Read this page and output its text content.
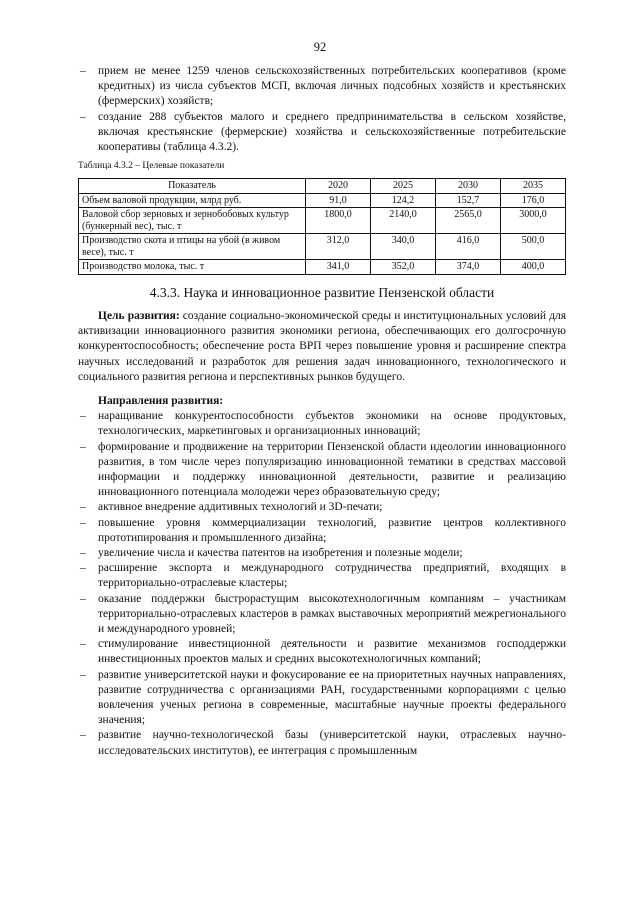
92
– прием не менее 1259 членов сельскохозяйственных потребительских кооперативов (кроме кредитных) из числа субъектов МСП, включая личных подсобных хозяйств и крестьянских (фермерских) хозяйств;
– создание 288 субъектов малого и среднего предпринимательства в сельском хозяйстве, включая крестьянские (фермерские) хозяйства и сельскохозяйственные потребительские кооперативы (таблица 4.3.2).
Таблица 4.3.2 – Целевые показатели
Показатель	2020	2025	2030	2035
Объем валовой продукции, млрд руб.	91,0	124,2	152,7	176,0
Валовой сбор зерновых и зернобобовых культур (бункерный вес), тыс. т	1800,0	2140,0	2565,0	3000,0
Производство скота и птицы на убой (в живом весе), тыс. т	312,0	340,0	416,0	500,0
Производство молока, тыс. т	341,0	352,0	374,0	400,0
4.3.3. Наука и инновационное развитие Пензенской области

Цель развития: создание социально-экономической среды и институциональных условий для активизации инновационного развития экономики региона, обеспечивающих его долгосрочную конкурентоспособность; обеспечение роста ВРП через повышение уровня и расширение спектра научных исследований и разработок для решения задач инновационного, технологического и социального развития региона и перспективных рынков будущего.

Направления развития:
– наращивание конкурентоспособности субъектов экономики на основе продуктовых, технологических, маркетинговых и организационных инноваций;
– формирование и продвижение на территории Пензенской области идеологии инновационного развития, в том числе через популяризацию инновационной тематики в средствах массовой информации и поддержку инновационной деятельности, развитие и реализацию инновационного потенциала молодежи через образовательную среду;
– активное внедрение аддитивных технологий и 3D-печати;
– повышение уровня коммерциализации технологий, развитие центров коллективного прототипирования и промышленного дизайна;
– увеличение числа и качества патентов на изобретения и полезные модели;
– расширение экспорта и международного сотрудничества предприятий, входящих в территориально-отраслевые кластеры;
– оказание поддержки быстрорастущим высокотехнологичным компаниям – участникам территориально-отраслевых кластеров в рамках выставочных мероприятий межрегионального и международного уровней;
– стимулирование инвестиционной деятельности и развитие механизмов господдержки инвестиционных проектов малых и средних высокотехнологичных компаний;
– развитие университетской науки и фокусирование ее на приоритетных научных направлениях, развитие сотрудничества с организациями РАН, государственными корпорациями с целью вовлечения ученых региона в современные, масштабные научные проекты федерального значения;
– развитие научно-технологической базы (университетской науки, отраслевых научно-исследовательских институтов), ее интеграция с промышленным
